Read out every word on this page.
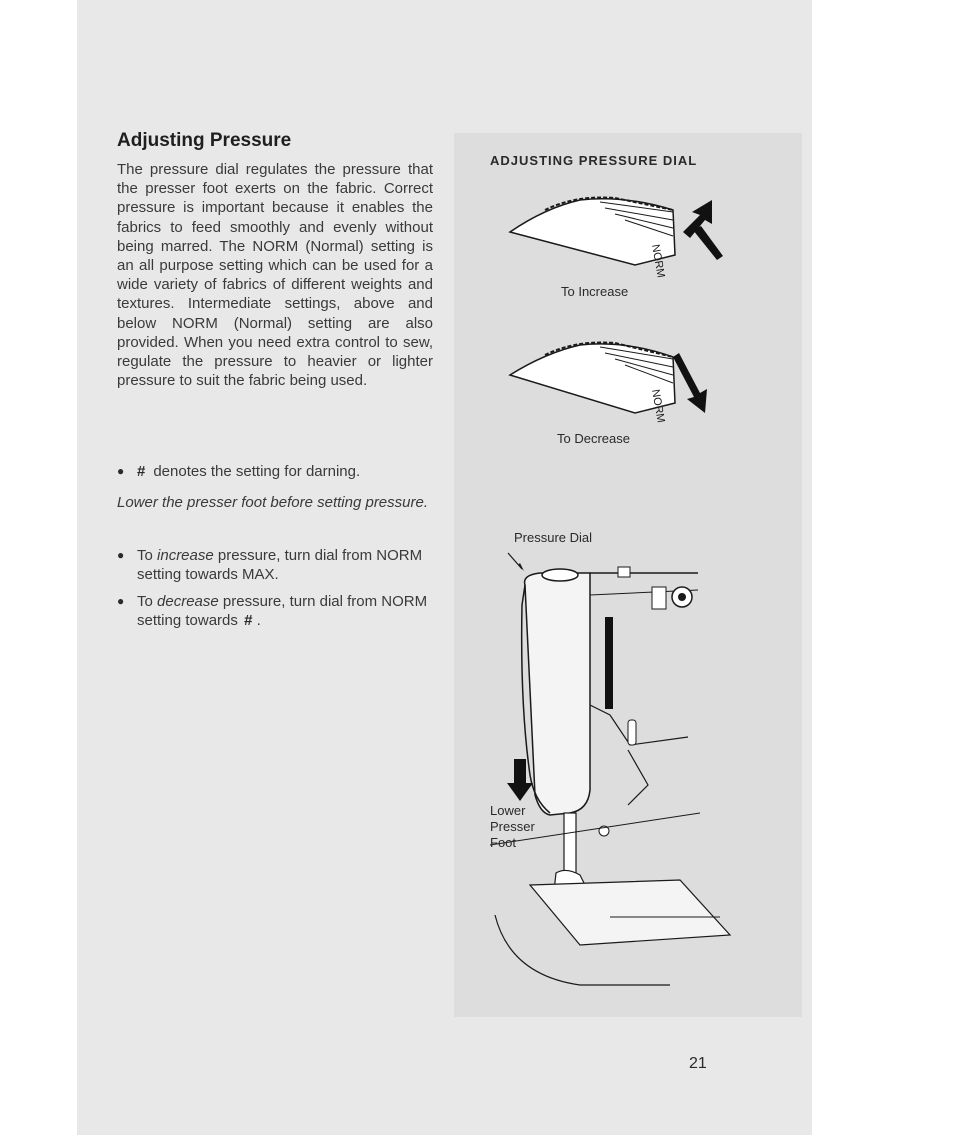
Adjusting Pressure

The pressure dial regulates the pressure that the presser foot exerts on the fabric. Correct pressure is important because it enables the fabrics to feed smoothly and evenly without being marred. The NORM (Normal) setting is an all purpose setting which can be used for a wide variety of fabrics of different weights and textures. Intermediate settings, above and below NORM (Normal) setting are also provided. When you need extra control to sew, regulate the pressure to heavier or lighter pressure to suit the fabric being used.

● # denotes the setting for darning.

Lower the presser foot before setting pressure.

● To increase pressure, turn dial from NORM setting towards MAX.
● To decrease pressure, turn dial from NORM setting towards # .
ADJUSTING PRESSURE DIAL
NORM
To Increase
NORM
To Decrease
Pressure Dial
Lower
Presser
Foot
21
